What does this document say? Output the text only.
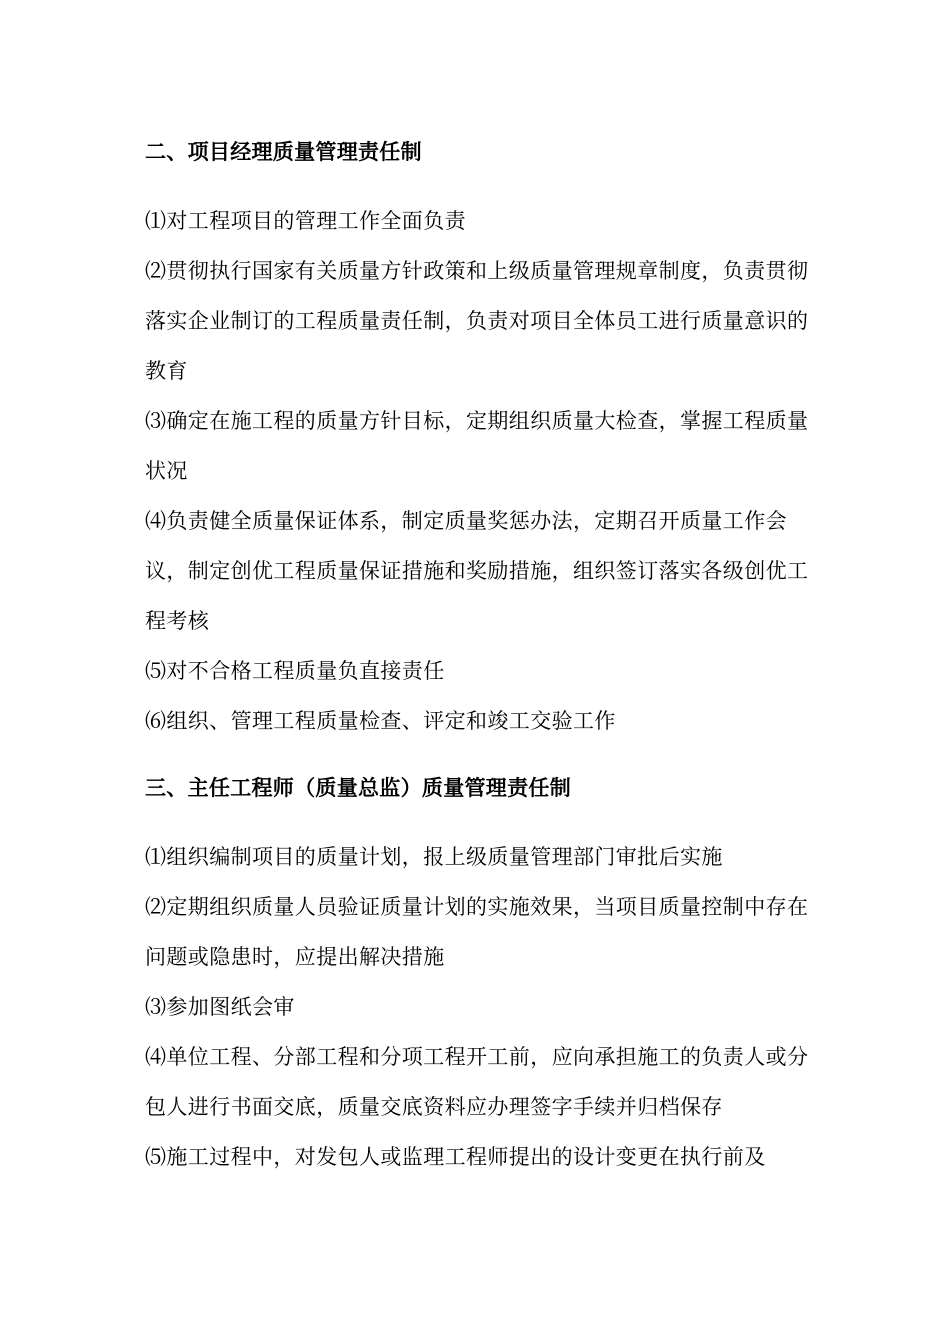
二、项目经理质量管理责任制

⑴对工程项目的管理工作全面负责

⑵贯彻执行国家有关质量方针政策和上级质量管理规章制度，负责贯彻落实企业制订的工程质量责任制，负责对项目全体员工进行质量意识的教育

⑶确定在施工程的质量方针目标，定期组织质量大检查，掌握工程质量状况

⑷负责健全质量保证体系，制定质量奖惩办法，定期召开质量工作会议，制定创优工程质量保证措施和奖励措施，组织签订落实各级创优工程考核

⑸对不合格工程质量负直接责任

⑹组织、管理工程质量检查、评定和竣工交验工作

三、主任工程师（质量总监）质量管理责任制

⑴组织编制项目的质量计划，报上级质量管理部门审批后实施

⑵定期组织质量人员验证质量计划的实施效果，当项目质量控制中存在问题或隐患时，应提出解决措施

⑶参加图纸会审

⑷单位工程、分部工程和分项工程开工前，应向承担施工的负责人或分包人进行书面交底，质量交底资料应办理签字手续并归档保存

⑸施工过程中，对发包人或监理工程师提出的设计变更在执行前及
